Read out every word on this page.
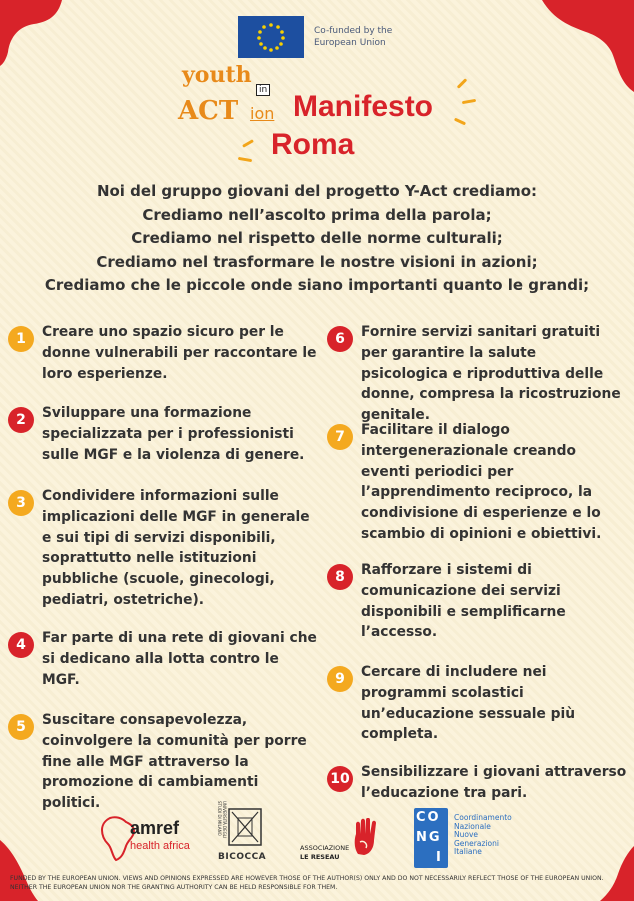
Co-funded by the
European Union
youth
in
ACT ion Manifesto
Roma
Noi del gruppo giovani del progetto Y-Act crediamo:
Crediamo nell’ascolto prima della parola;
Crediamo nel rispetto delle norme culturali;
Crediamo nel trasformare le nostre visioni in azioni;
Crediamo che le piccole onde siano importanti quanto le grandi;
1	Creare uno spazio sicuro per le donne vulnerabili per raccontare le loro esperienze.
2	Sviluppare una formazione specializzata per i professionisti sulle MGF e la violenza di genere.
3	Condividere informazioni sulle implicazioni delle MGF in generale e sui tipi di servizi disponibili, soprattutto nelle istituzioni pubbliche (scuole, ginecologi, pediatri, ostetriche).
4	Far parte di una rete di giovani che si dedicano alla lotta contro le MGF.
5	Suscitare consapevolezza, coinvolgere la comunità per porre fine alle MGF attraverso la promozione di cambiamenti politici.
6	Fornire servizi sanitari gratuiti per garantire la salute psicologica e riproduttiva delle donne, compresa la ricostruzione genitale.
7	Facilitare il dialogo intergenerazionale creando eventi periodici per l’apprendimento reciproco, la condivisione di esperienze e lo scambio di opinioni e obiettivi.
8	Rafforzare i sistemi di comunicazione dei servizi disponibili e semplificarne l’accesso.
9	Cercare di includere nei programmi scolastici un’educazione sessuale più completa.
10 Sensibilizzare i giovani attraverso l’educazione tra pari.
amref
health africa
UNIVERSITÀ DEGLI STUDI DI MILANO
BICOCCA
ASSOCIAZIONE
LE RESEAU
CO
NG
I
Coordinamento
Nazionale
Nuove
Generazioni
Italiane
FUNDED BY THE EUROPEAN UNION. VIEWS AND OPINIONS EXPRESSED ARE HOWEVER THOSE OF THE AUTHOR(S) ONLY AND DO NOT NECESSARILY REFLECT THOSE OF THE EUROPEAN UNION. NEITHER THE EUROPEAN UNION NOR THE GRANTING AUTHORITY CAN BE HELD RESPONSIBLE FOR THEM.
